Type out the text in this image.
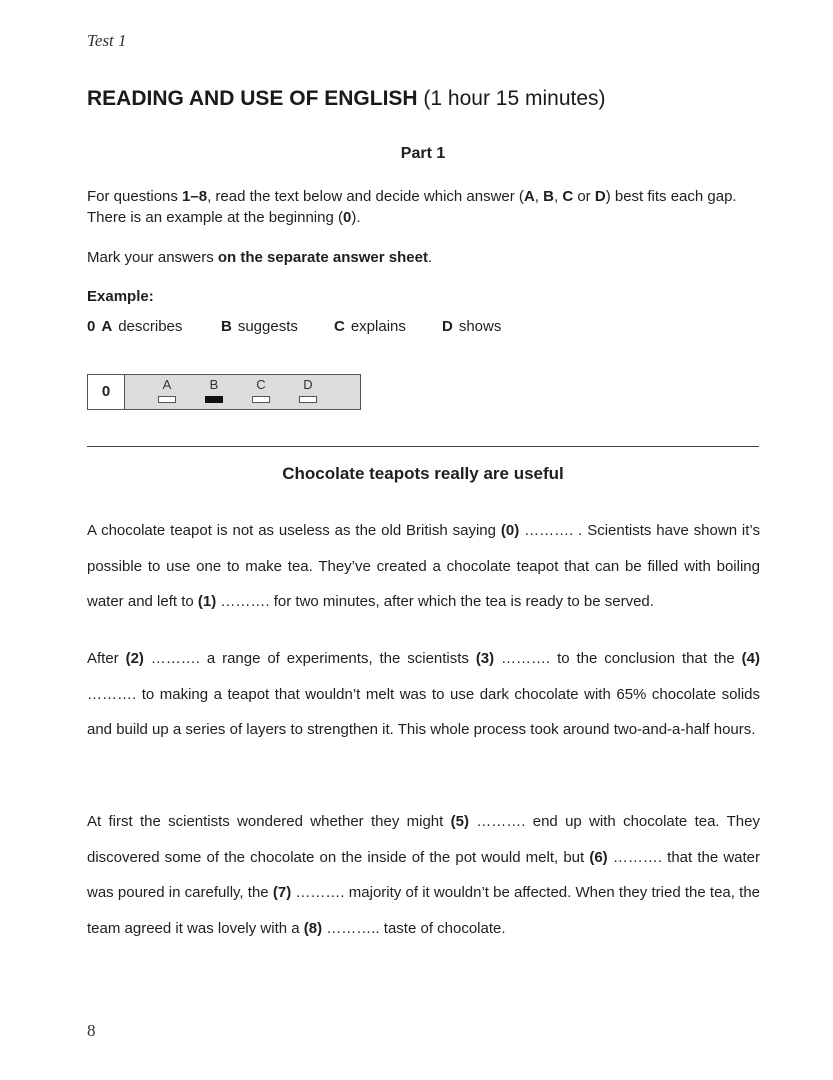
Test 1
READING AND USE OF ENGLISH (1 hour 15 minutes)
Part 1
For questions 1–8, read the text below and decide which answer (A, B, C or D) best fits each gap. There is an example at the beginning (0).
Mark your answers on the separate answer sheet.
Example:
0 A describes	B suggests C explains D shows
0	A	B	C	D
Chocolate teapots really are useful
A chocolate teapot is not as useless as the old British saying (0) ………. . Scientists have shown it’s possible to use one to make tea. They’ve created a chocolate teapot that can be filled with boiling water and left to (1) ………. for two minutes, after which the tea is ready to be served.
After (2) ………. a range of experiments, the scientists (3) ………. to the conclusion that the (4) ………. to making a teapot that wouldn’t melt was to use dark chocolate with 65% chocolate solids and build up a series of layers to strengthen it. This whole process took around two-and-a-half hours.
At first the scientists wondered whether they might (5) ………. end up with chocolate tea. They discovered some of the chocolate on the inside of the pot would melt, but (6) ………. that the water was poured in carefully, the (7) ………. majority of it wouldn’t be affected. When they tried the tea, the team agreed it was lovely with a (8) ……….. taste of chocolate.
8
